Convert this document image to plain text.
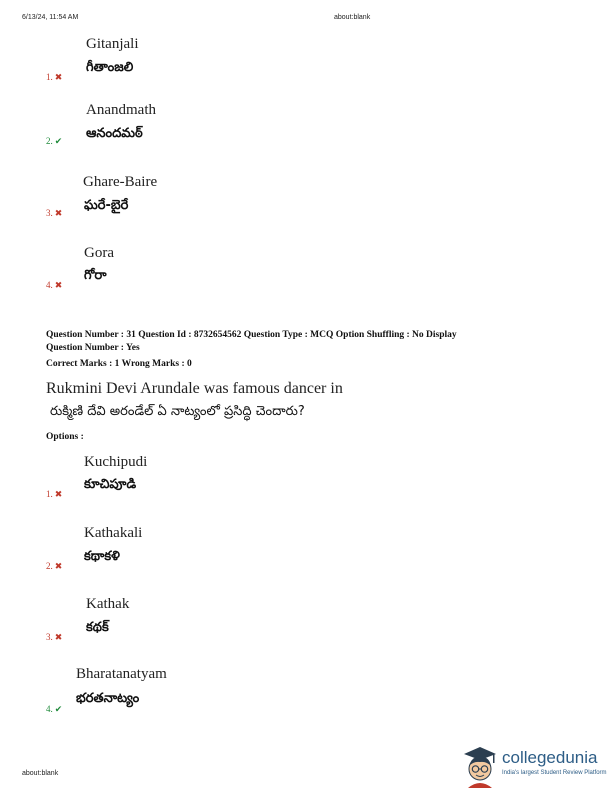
6/13/24, 11:54 AM	about:blank
Gitanjali
గీతాంజలి
1. ✖
Anandmath
ఆనందమఠ్
2. ✔
Ghare-Baire
ఘరే-బైరే
3. ✖
Gora
గోరా
4. ✖
Question Number : 31 Question Id : 8732654562 Question Type : MCQ Option Shuffling : No Display
Question Number : Yes
Correct Marks : 1 Wrong Marks : 0
Rukmini Devi Arundale was famous dancer in
రుక్మిణి దేవి అరండేల్ ఏ నాట్యంలో ప్రసిద్ధి చెందారు?
Options :
Kuchipudi
కూచిపూడి
1. ✖
Kathakali
కథాకళి
2. ✖
Kathak
కథక్
3. ✖
Bharatanatyam
భరతనాట్యం
4. ✔
about:blank
collegedunia
India's largest Student Review Platform
